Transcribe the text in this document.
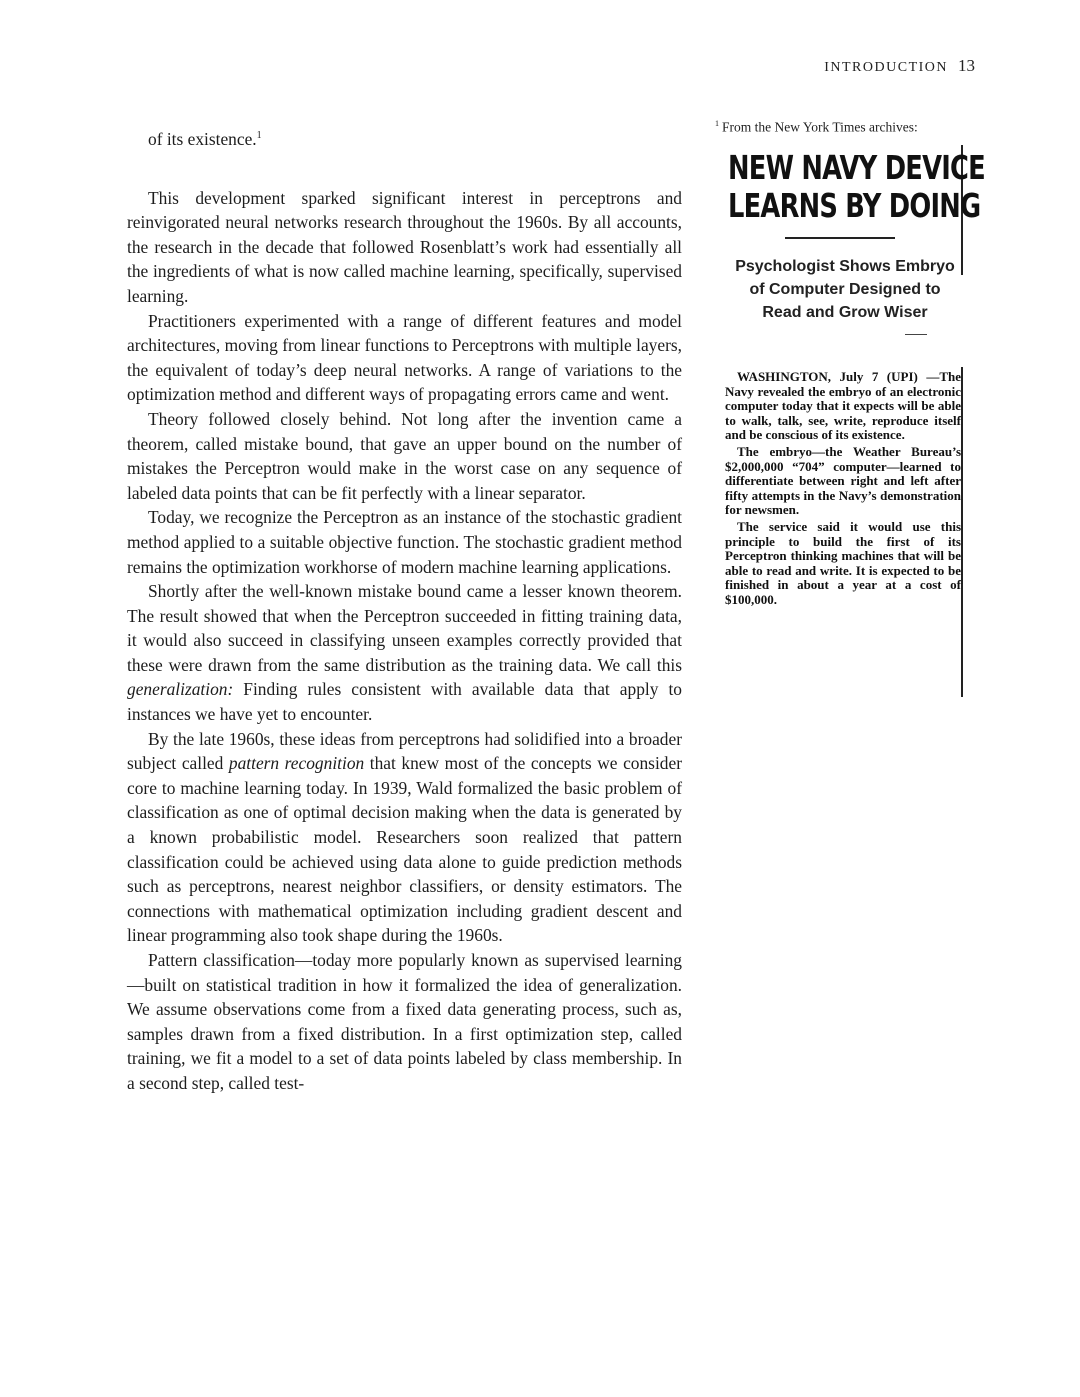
INTRODUCTION 13

of its existence.$^1$

This development sparked significant interest in perceptrons and reinvigorated neural networks research throughout the 1960s. By all accounts, the research in the decade that followed Rosenblatt’s work had essentially all the ingredients of what is now called machine learning, specifically, supervised learning.

Practitioners experimented with a range of different features and model architectures, moving from linear functions to Perceptrons with multiple layers, the equivalent of today’s deep neural networks. A range of variations to the optimization method and different ways of propagating errors came and went.

Theory followed closely behind. Not long after the invention came a theorem, called mistake bound, that gave an upper bound on the number of mistakes the Perceptron would make in the worst case on any sequence of labeled data points that can be fit perfectly with a linear separator.

Today, we recognize the Perceptron as an instance of the stochastic gradient method applied to a suitable objective function. The stochastic gradient method remains the optimization workhorse of modern machine learning applications.

Shortly after the well-known mistake bound came a lesser known theorem. The result showed that when the Perceptron succeeded in fitting training data, it would also succeed in classifying unseen examples correctly provided that these were drawn from the same distribution as the training data. We call this generalization: Finding rules consistent with available data that apply to instances we have yet to encounter.

By the late 1960s, these ideas from perceptrons had solidified into a broader subject called pattern recognition that knew most of the concepts we consider core to machine learning today. In 1939, Wald formalized the basic problem of classification as one of optimal decision making when the data is generated by a known probabilistic model. Researchers soon realized that pattern classification could be achieved using data alone to guide prediction methods such as perceptrons, nearest neighbor classifiers, or density estimators. The connections with mathematical optimization including gradient descent and linear programming also took shape during the 1960s.

Pattern classification—today more popularly known as supervised learning—built on statistical tradition in how it formalized the idea of generalization. We assume observations come from a fixed data generating process, such as, samples drawn from a fixed distribution. In a first optimization step, called training, we fit a model to a set of data points labeled by class membership. In a second step, called test-

$^1$ From the New York Times archives:
NEW NAVY DEVICE
LEARNS BY DOING
Psychologist Shows Embryo
of Computer Designed to
Read and Grow Wiser

WASHINGTON, July 7 (UPI) —The Navy revealed the embryo of an electronic computer today that it expects will be able to walk, talk, see, write, reproduce itself and be conscious of its existence.

The embryo—the Weather Bureau’s $2,000,000 “704” computer—learned to differentiate between right and left after fifty attempts in the Navy’s demonstration for newsmen.

The service said it would use this principle to build the first of its Perceptron thinking machines that will be able to read and write. It is expected to be finished in about a year at a cost of $100,000.
